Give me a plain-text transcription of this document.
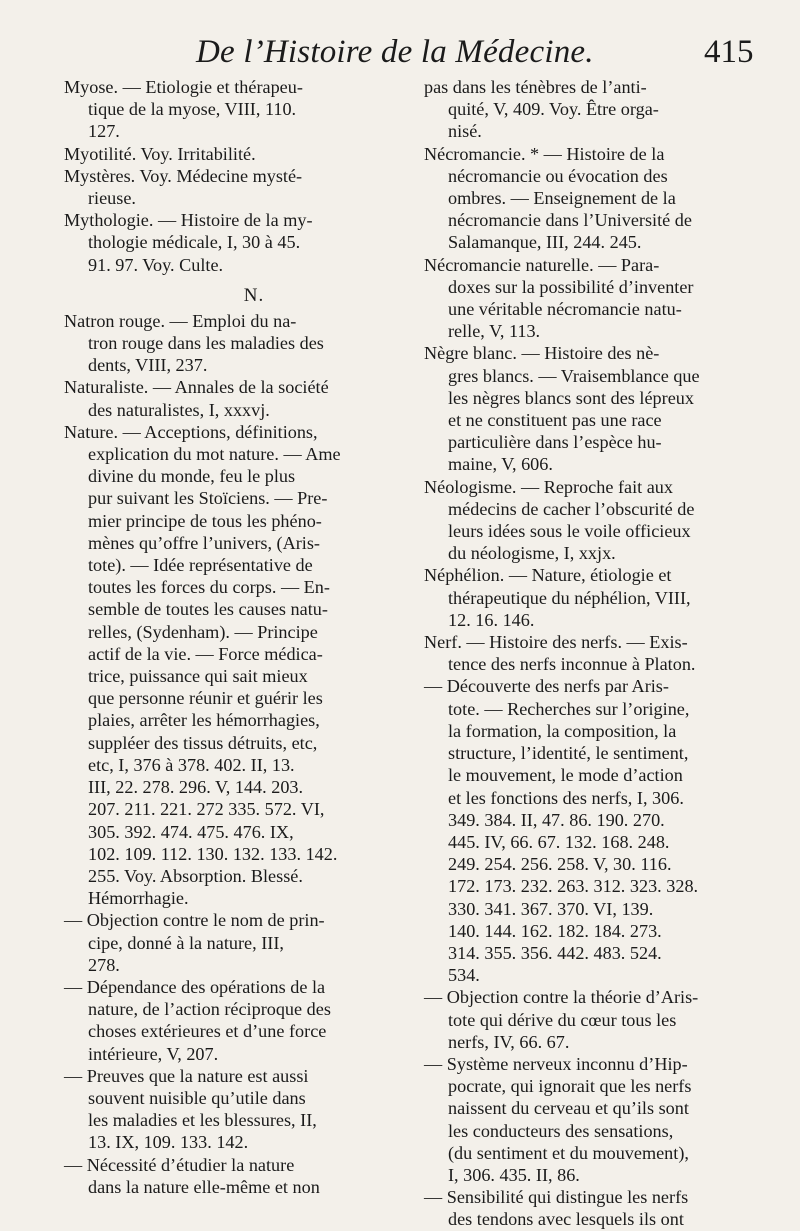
De l’Histoire de la Médecine.	415
Myose. — Etiologie et thérapeu-
tique de la myose, VIII, 110.
127.
Myotilité. Voy. Irritabilité.
Mystères. Voy. Médecine mysté-
rieuse.
Mythologie. — Histoire de la my-
thologie médicale, I, 30 à 45.
91. 97. Voy. Culte.
N.
Natron rouge. — Emploi du na-
tron rouge dans les maladies des
dents, VIII, 237.
Naturaliste. — Annales de la société
des naturalistes, I, xxxvj.
Nature. — Acceptions, définitions,
explication du mot nature. — Ame
divine du monde, feu le plus
pur suivant les Stoïciens. — Pre-
mier principe de tous les phéno-
mènes qu’offre l’univers, (Aris-
tote). — Idée représentative de
toutes les forces du corps. — En-
semble de toutes les causes natu-
relles, (Sydenham). — Principe
actif de la vie. — Force médica-
trice, puissance qui sait mieux
que personne réunir et guérir les
plaies, arrêter les hémorrhagies,
suppléer des tissus détruits, etc,
etc, I, 376 à 378. 402. II, 13.
III, 22. 278. 296. V, 144. 203.
207. 211. 221. 272 335. 572. VI,
305. 392. 474. 475. 476. IX,
102. 109. 112. 130. 132. 133. 142.
255. Voy. Absorption. Blessé.
Hémorrhagie.
— Objection contre le nom de prin-
cipe, donné à la nature, III,
278.
— Dépendance des opérations de la
nature, de l’action réciproque des
choses extérieures et d’une force
intérieure, V, 207.
— Preuves que la nature est aussi
souvent nuisible qu’utile dans
les maladies et les blessures, II,
13. IX, 109. 133. 142.
— Nécessité d’étudier la nature
dans la nature elle-même et non
pas dans les ténèbres de l’anti-
quité, V, 409. Voy. Être orga-
nisé.
Nécromancie. * — Histoire de la
nécromancie ou évocation des
ombres. — Enseignement de la
nécromancie dans l’Université de
Salamanque, III, 244. 245.
Nécromancie naturelle. — Para-
doxes sur la possibilité d’inventer
une véritable nécromancie natu-
relle, V, 113.
Nègre blanc. — Histoire des nè-
gres blancs. — Vraisemblance que
les nègres blancs sont des lépreux
et ne constituent pas une race
particulière dans l’espèce hu-
maine, V, 606.
Néologisme. — Reproche fait aux
médecins de cacher l’obscurité de
leurs idées sous le voile officieux
du néologisme, I, xxjx.
Néphélion. — Nature, étiologie et
thérapeutique du néphélion, VIII,
12. 16. 146.
Nerf. — Histoire des nerfs. — Exis-
tence des nerfs inconnue à Platon.
— Découverte des nerfs par Aris-
tote. — Recherches sur l’origine,
la formation, la composition, la
structure, l’identité, le sentiment,
le mouvement, le mode d’action
et les fonctions des nerfs, I, 306.
349. 384. II, 47. 86. 190. 270.
445. IV, 66. 67. 132. 168. 248.
249. 254. 256. 258. V, 30. 116.
172. 173. 232. 263. 312. 323. 328.
330. 341. 367. 370. VI, 139.
140. 144. 162. 182. 184. 273.
314. 355. 356. 442. 483. 524.
534.
— Objection contre la théorie d’Aris-
tote qui dérive du cœur tous les
nerfs, IV, 66. 67.
— Système nerveux inconnu d’Hip-
pocrate, qui ignorait que les nerfs
naissent du cerveau et qu’ils sont
les conducteurs des sensations,
(du sentiment et du mouvement),
I, 306. 435. II, 86.
— Sensibilité qui distingue les nerfs
des tendons avec lesquels ils ont
